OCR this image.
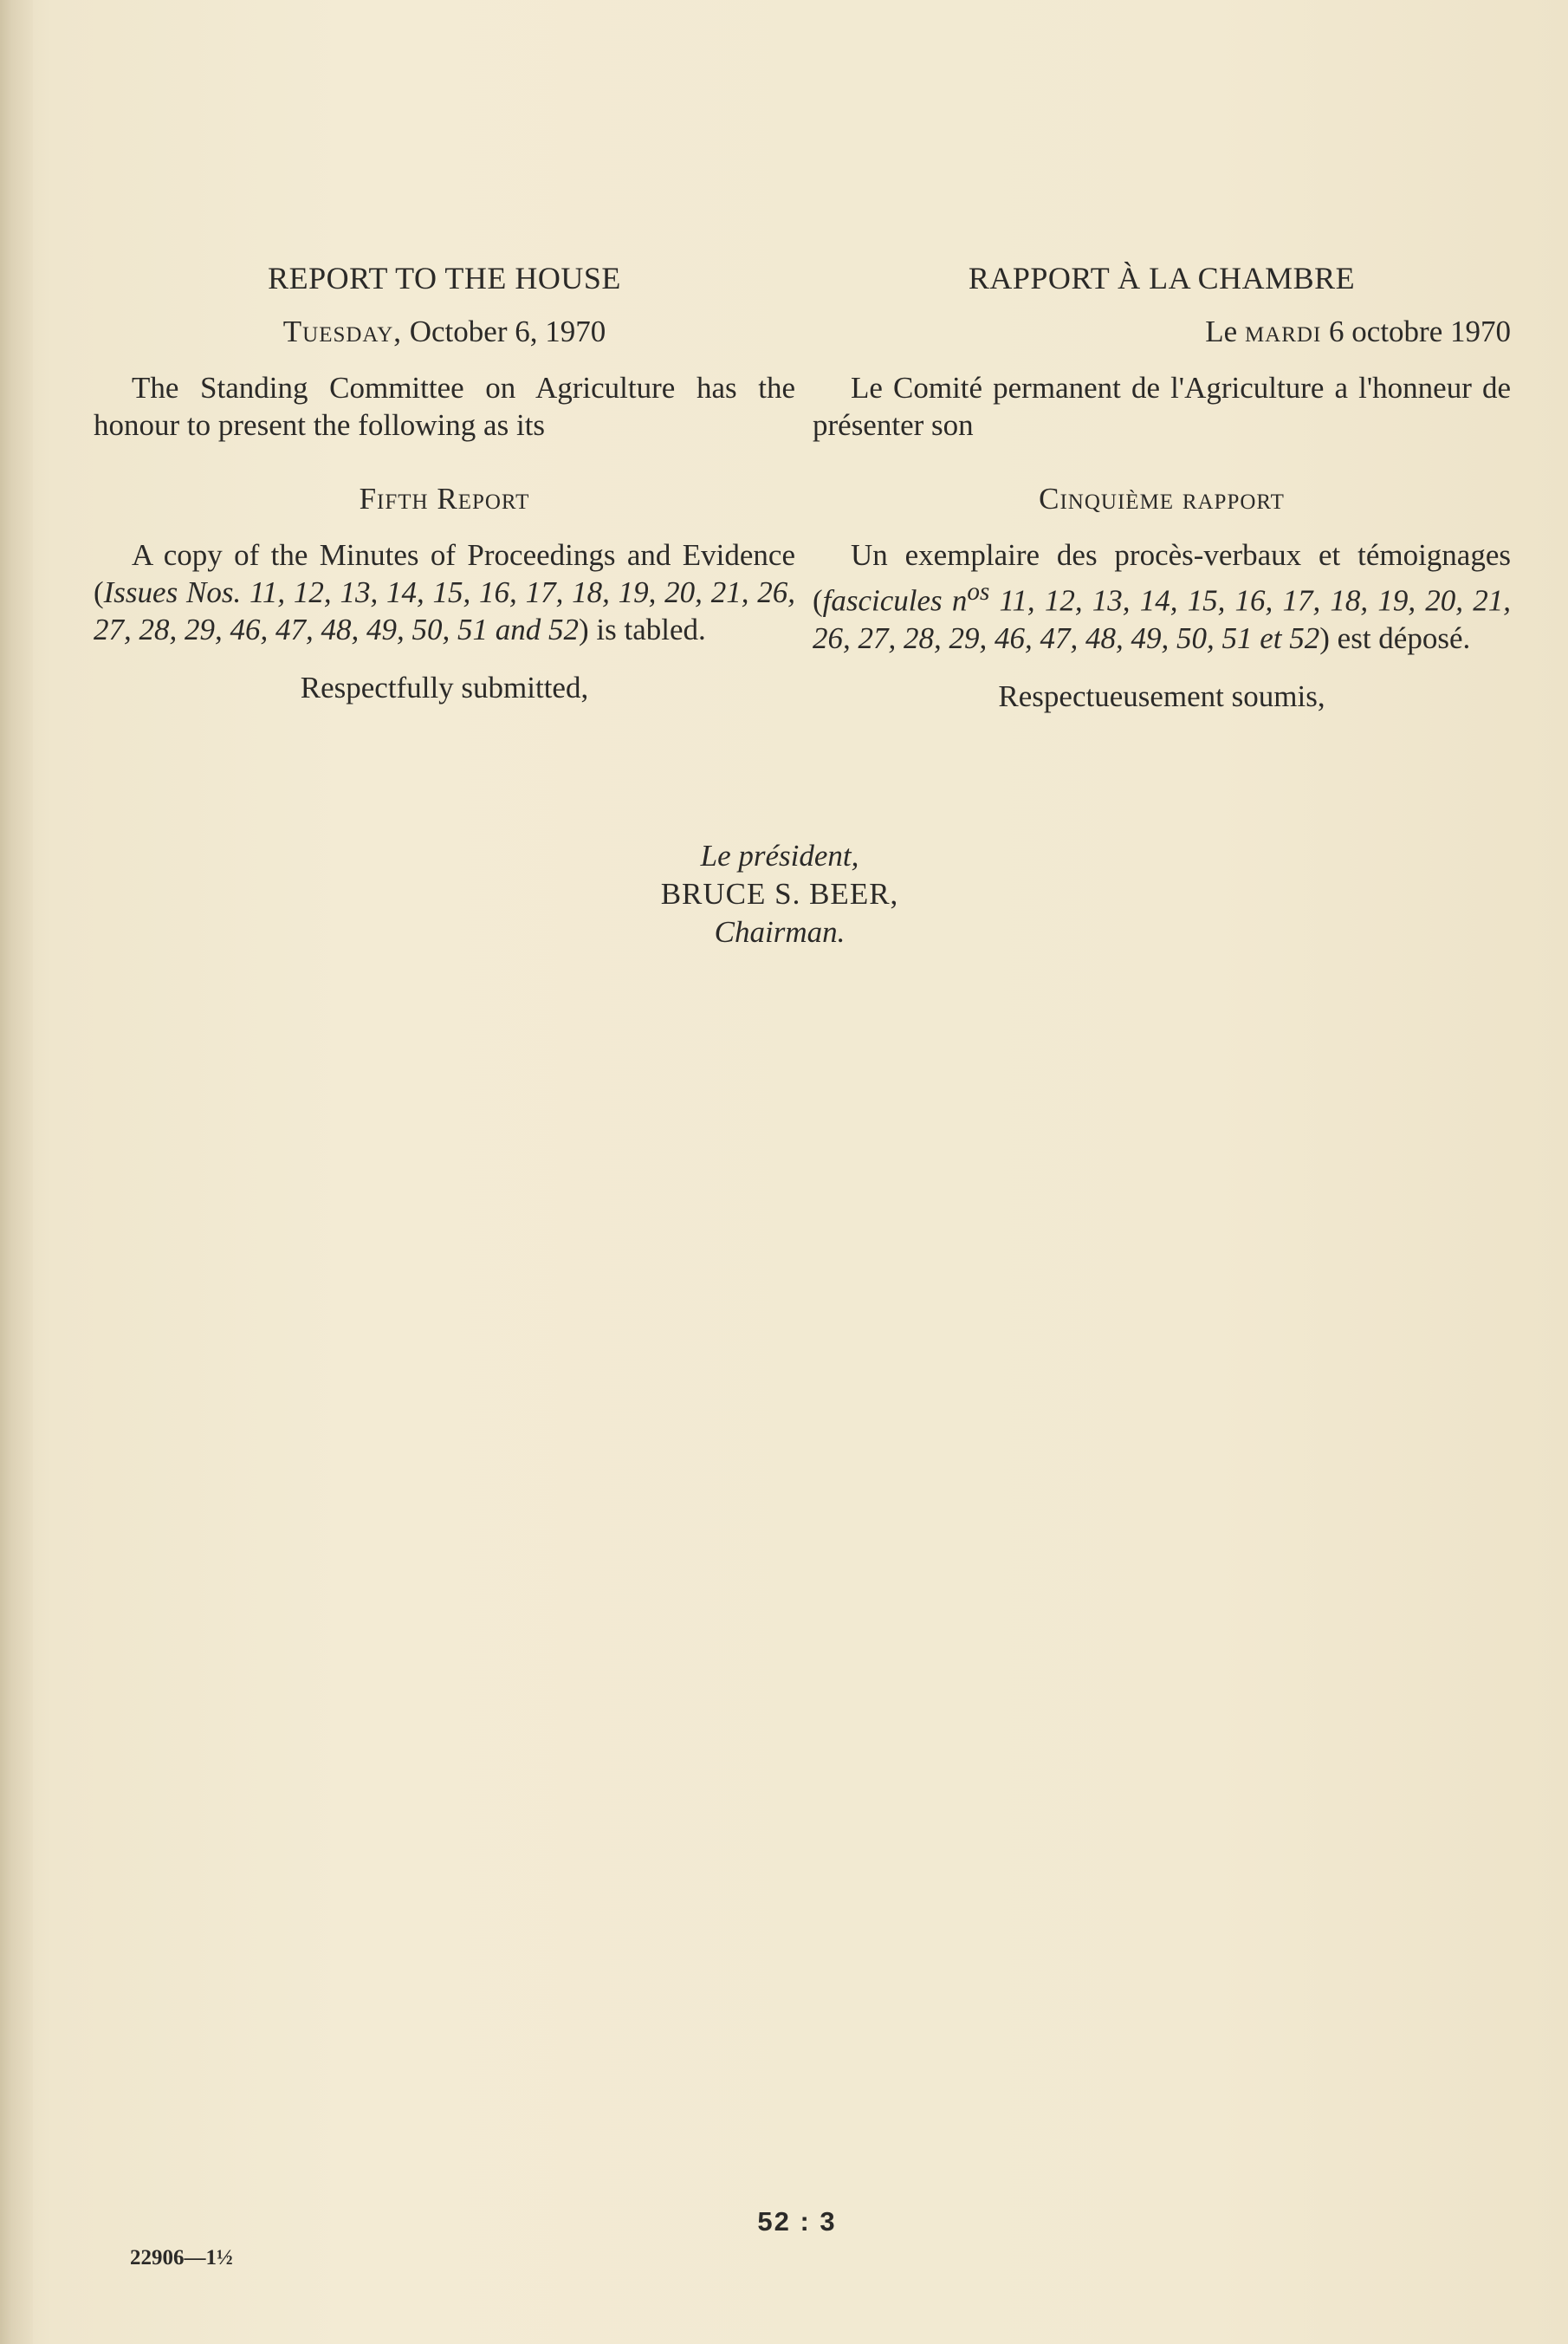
REPORT TO THE HOUSE
Tuesday, October 6, 1970

The Standing Committee on Agriculture has the honour to present the following as its

Fifth Report

A copy of the Minutes of Proceedings and Evidence (Issues Nos. 11, 12, 13, 14, 15, 16, 17, 18, 19, 20, 21, 26, 27, 28, 29, 46, 47, 48, 49, 50, 51 and 52) is tabled.

Respectfully submitted,
RAPPORT À LA CHAMBRE
Le mardi 6 octobre 1970

Le Comité permanent de l'Agriculture a l'honneur de présenter son

Cinquième rapport

Un exemplaire des procès-verbaux et témoignages (fascicules $n^{os}$ 11, 12, 13, 14, 15, 16, 17, 18, 19, 20, 21, 26, 27, 28, 29, 46, 47, 48, 49, 50, 51 et 52) est déposé.

Respectueusement soumis,
Le président,
BRUCE S. BEER,
Chairman.
52 : 3
22906—1½
